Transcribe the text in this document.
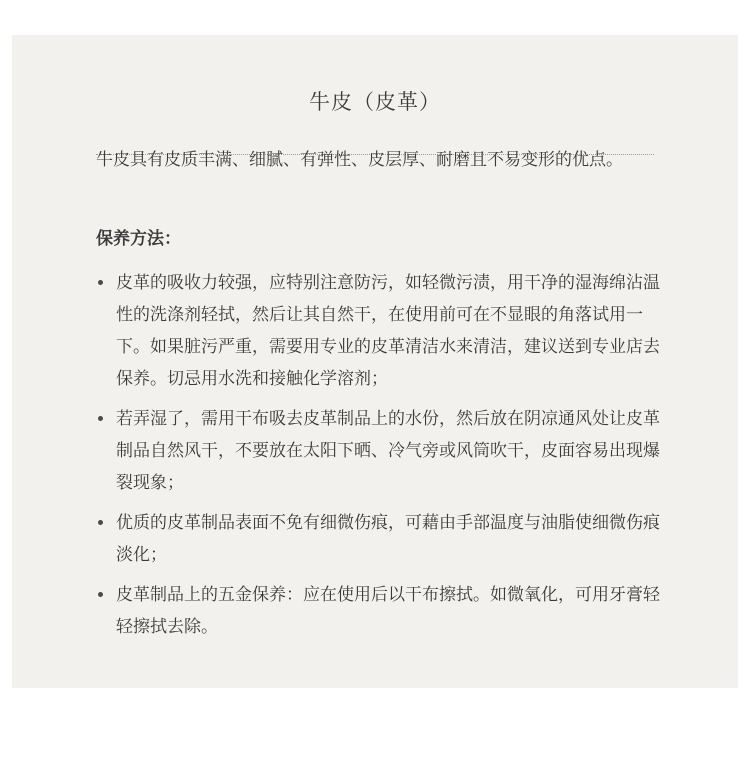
牛皮（皮革）

牛皮具有皮质丰满、细腻、有弹性、皮层厚、耐磨且不易变形的优点。

保养方法：

皮革的吸收力较强，应特别注意防污，如轻微污渍，用干净的湿海绵沾温性的洗涤剂轻拭，然后让其自然干，在使用前可在不显眼的角落试用一下。如果脏污严重，需要用专业的皮革清洁水来清洁，建议送到专业店去保养。切忌用水洗和接触化学溶剂；
若弄湿了，需用干布吸去皮革制品上的水份，然后放在阴凉通风处让皮革制品自然风干，不要放在太阳下晒、冷气旁或风筒吹干，皮面容易出现爆裂现象；
优质的皮革制品表面不免有细微伤痕，可藉由手部温度与油脂使细微伤痕淡化；
皮革制品上的五金保养：应在使用后以干布擦拭。如微氧化，可用牙膏轻轻擦拭去除。
